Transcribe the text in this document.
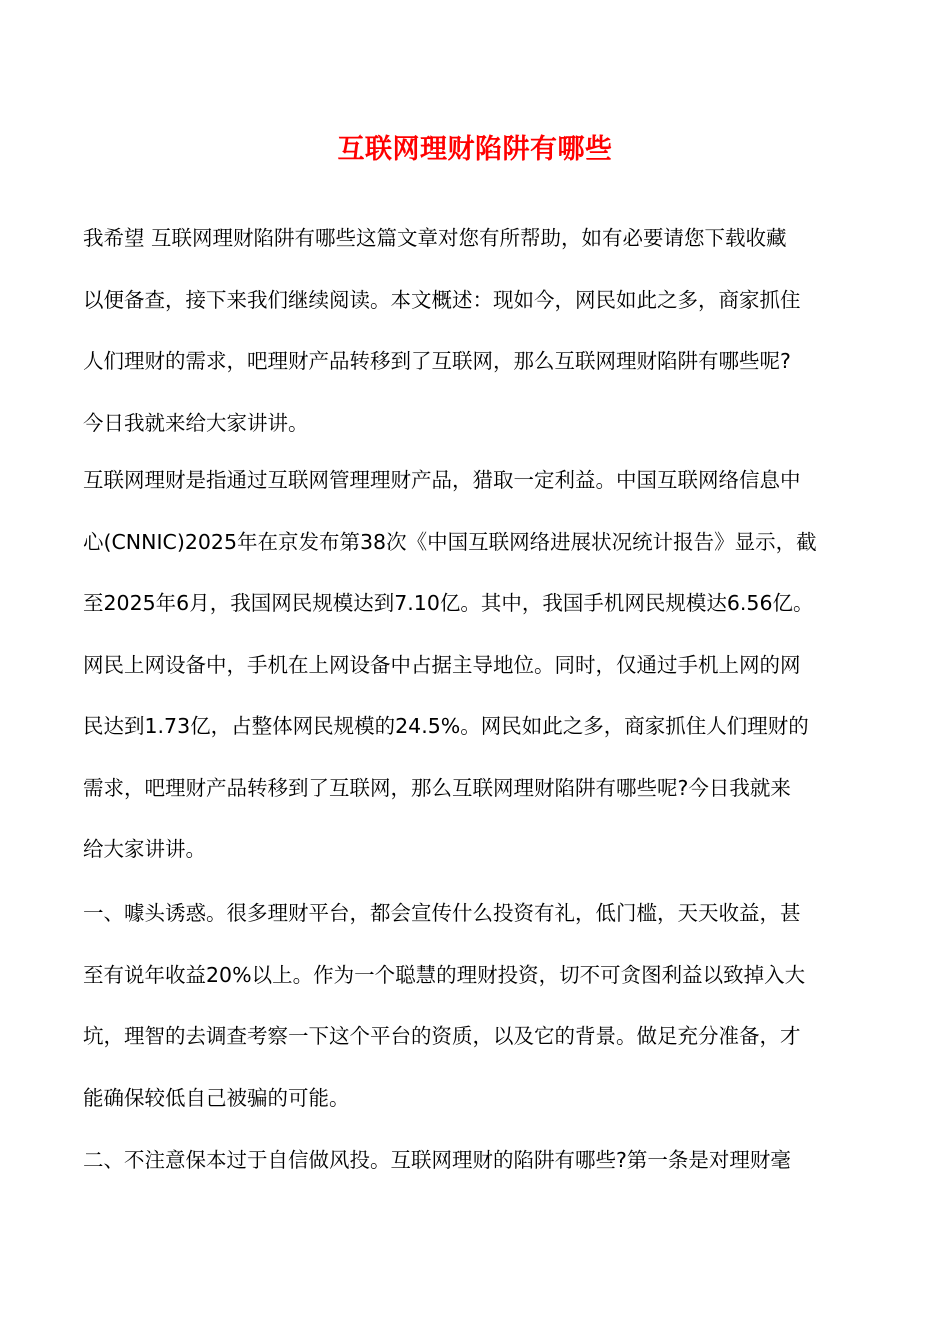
互联网理财陷阱有哪些
我希望 互联网理财陷阱有哪些这篇文章对您有所帮助，如有必要请您下载收藏
以便备查，接下来我们继续阅读。本文概述：现如今，网民如此之多，商家抓住
人们理财的需求，吧理财产品转移到了互联网，那么互联网理财陷阱有哪些呢?
今日我就来给大家讲讲。
互联网理财是指通过互联网管理理财产品，猎取一定利益。中国互联网络信息中
心(CNNIC)2025年在京发布第38次《中国互联网络进展状况统计报告》显示，截
至2025年6月，我国网民规模达到7.10亿。其中，我国手机网民规模达6.56亿。
网民上网设备中，手机在上网设备中占据主导地位。同时，仅通过手机上网的网
民达到1.73亿，占整体网民规模的24.5%。网民如此之多，商家抓住人们理财的
需求，吧理财产品转移到了互联网，那么互联网理财陷阱有哪些呢?今日我就来
给大家讲讲。
一、噱头诱惑。很多理财平台，都会宣传什么投资有礼，低门槛，天天收益，甚
至有说年收益20%以上。作为一个聪慧的理财投资，切不可贪图利益以致掉入大
坑，理智的去调查考察一下这个平台的资质，以及它的背景。做足充分准备，才
能确保较低自己被骗的可能。
二、不注意保本过于自信做风投。互联网理财的陷阱有哪些?第一条是对理财毫
